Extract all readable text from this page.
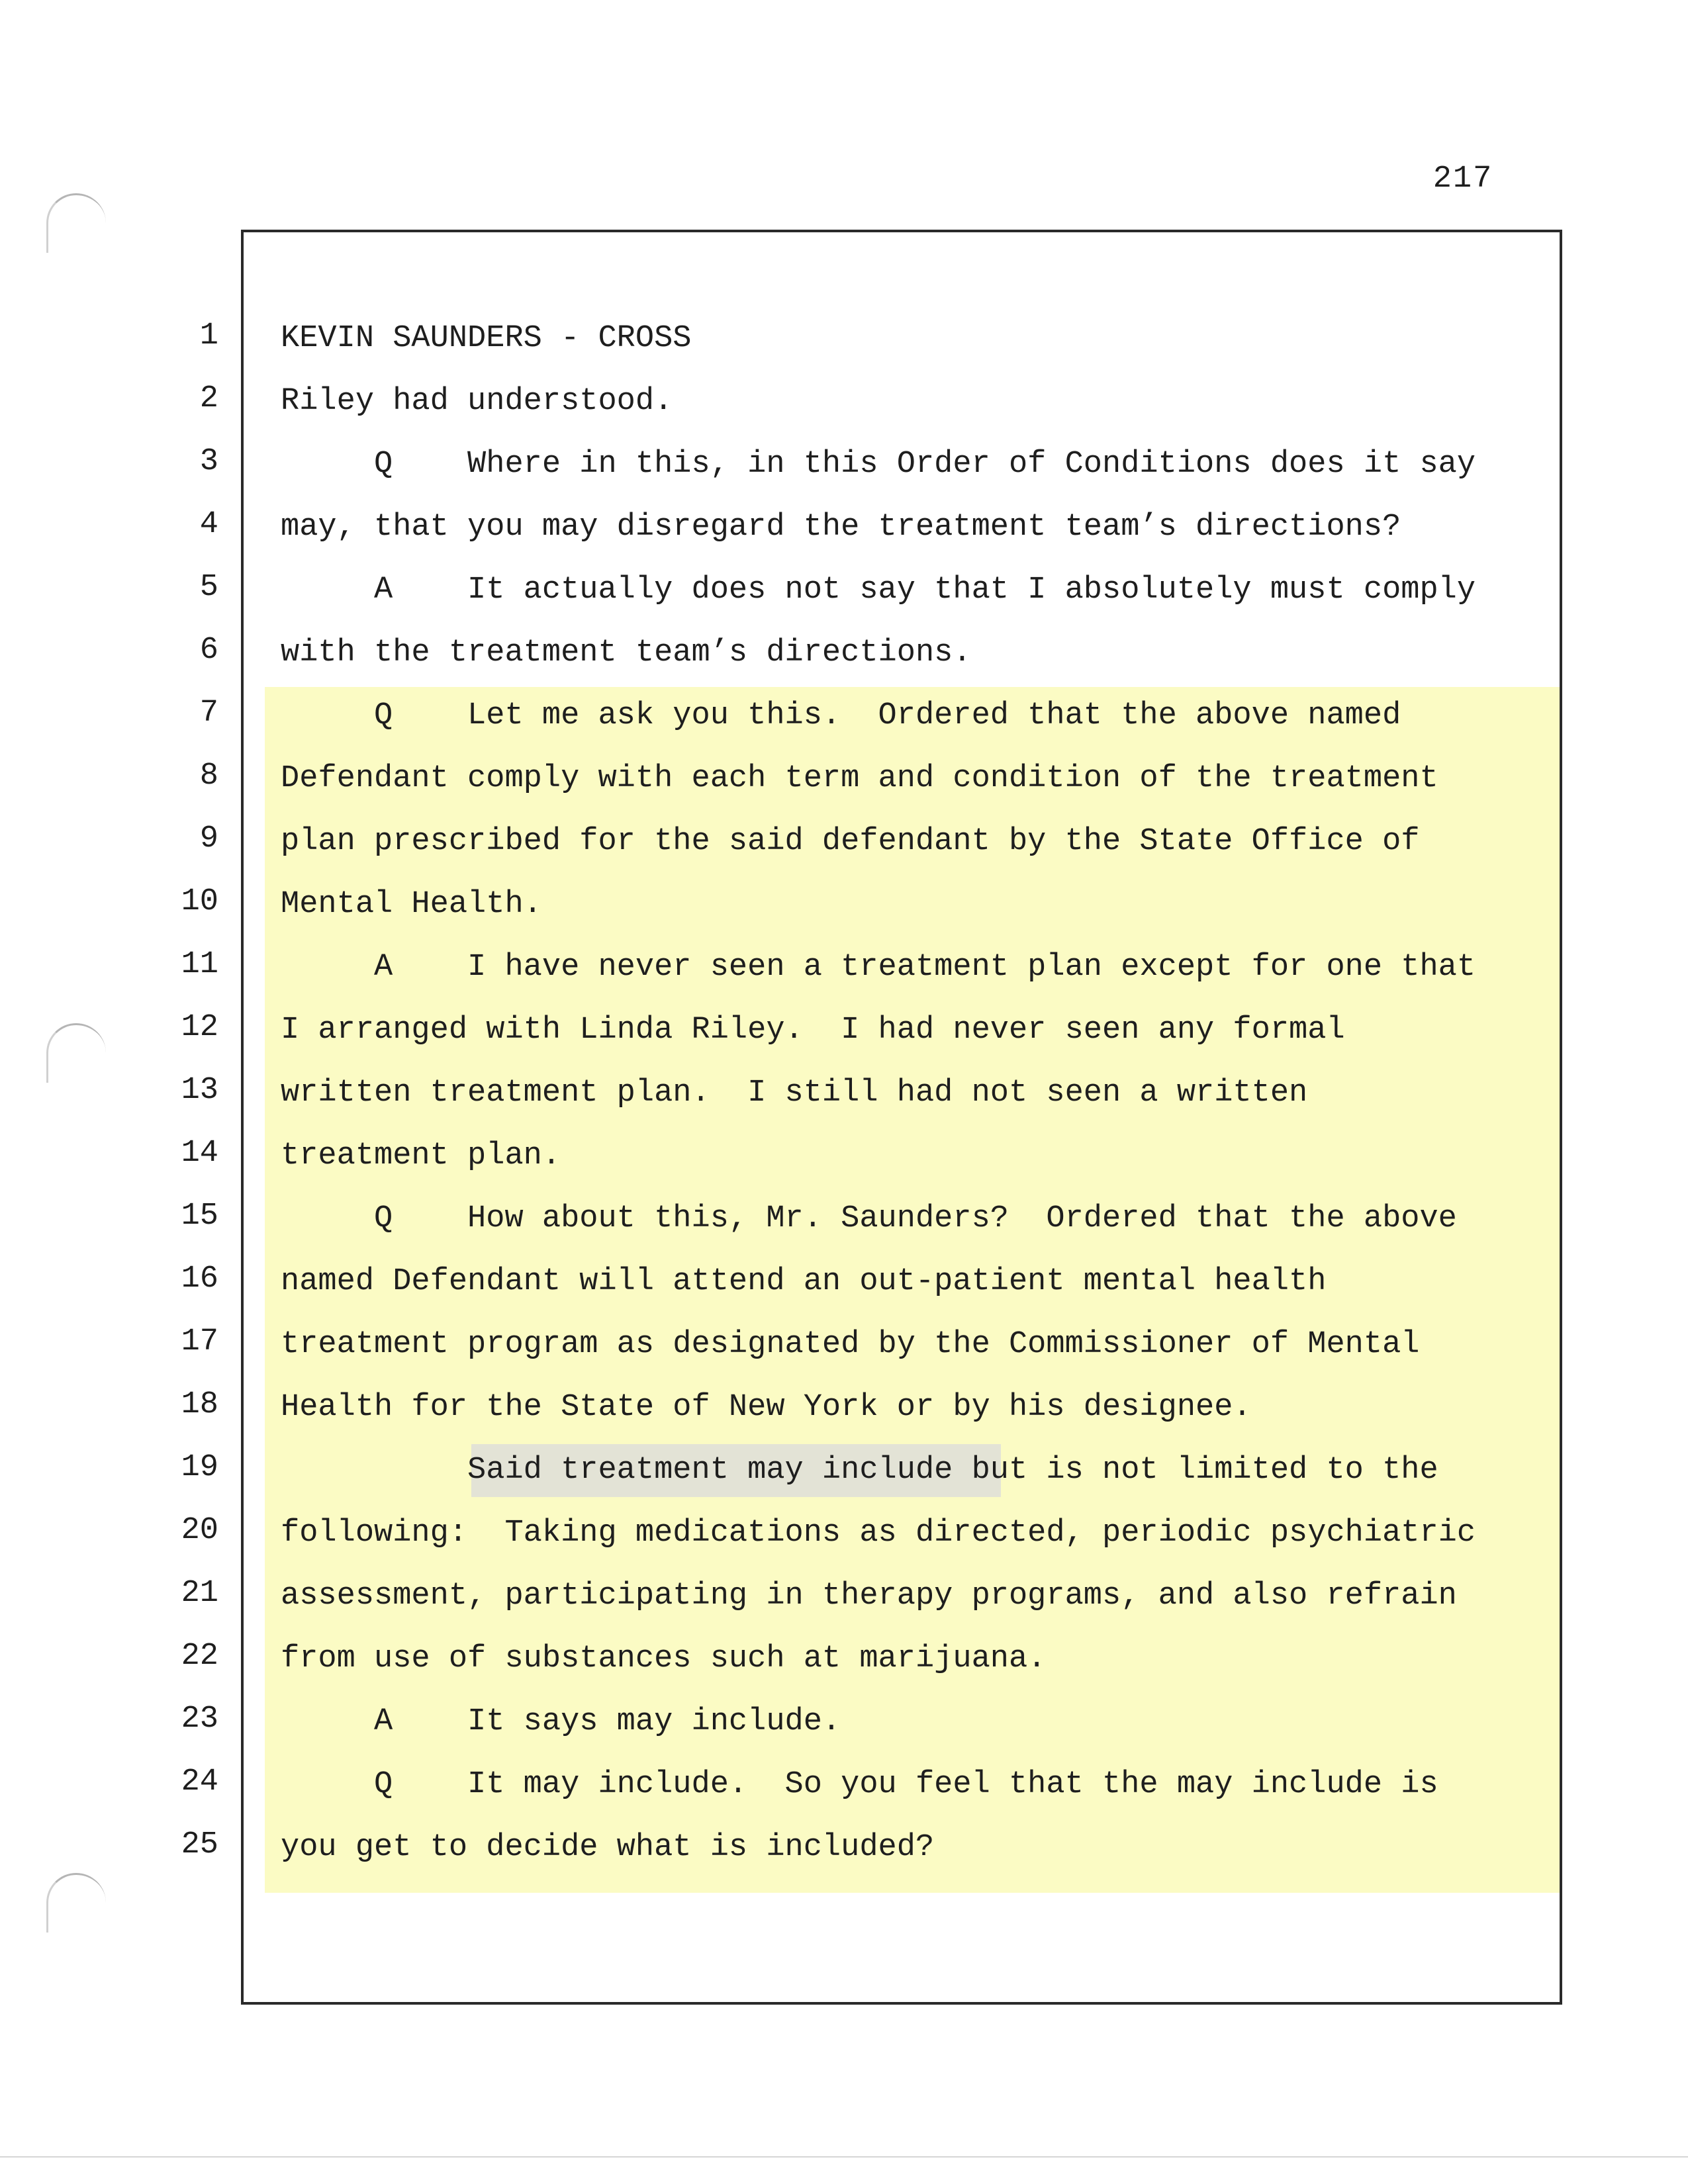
217
1
2
3
4
5
6
7
8
9
10
11
12
13
14
15
16
17
18
19
20
21
22
23
24
25
KEVIN SAUNDERS - CROSS
Riley had understood.
Q    Where in this, in this Order of Conditions does it say
may, that you may disregard the treatment team’s directions?
A    It actually does not say that I absolutely must comply
with the treatment team’s directions.
Q    Let me ask you this.  Ordered that the above named
Defendant comply with each term and condition of the treatment
plan prescribed for the said defendant by the State Office of
Mental Health.
A    I have never seen a treatment plan except for one that
I arranged with Linda Riley.  I had never seen any formal
written treatment plan.  I still had not seen a written
treatment plan.
Q    How about this, Mr. Saunders?  Ordered that the above
named Defendant will attend an out-patient mental health
treatment program as designated by the Commissioner of Mental
Health for the State of New York or by his designee.
Said treatment may include but is not limited to the
following:  Taking medications as directed, periodic psychiatric
assessment, participating in therapy programs, and also refrain
from use of substances such at marijuana.
A    It says may include.
Q    It may include.  So you feel that the may include is
you get to decide what is included?
